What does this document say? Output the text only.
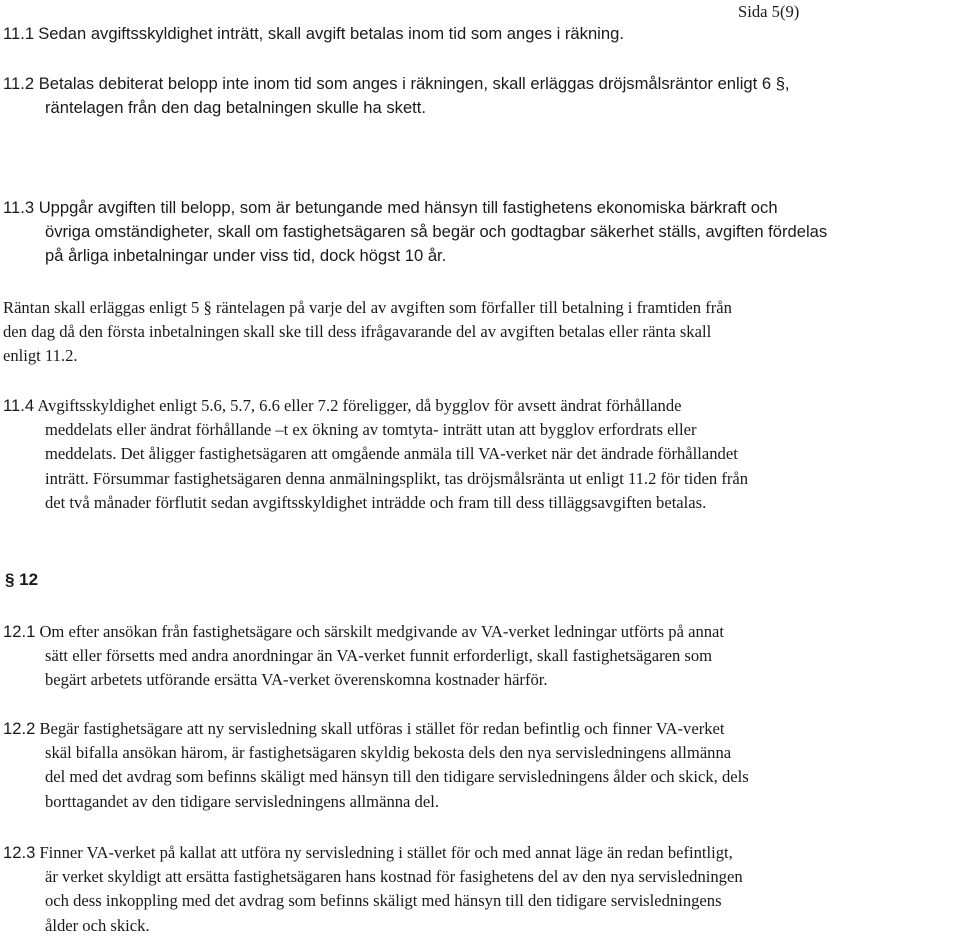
Sida 5(9)
11.1 Sedan avgiftsskyldighet inträtt, skall avgift betalas inom tid som anges i räkning.
11.2 Betalas debiterat belopp inte inom tid som anges i räkningen, skall erläggas dröjsmålsräntor enligt 6 §,
räntelagen från den dag betalningen skulle ha skett.
11.3 Uppgår avgiften till belopp, som är betungande med hänsyn till fastighetens ekonomiska bärkraft och
övriga omständigheter, skall om fastighetsägaren så begär och godtagbar säkerhet ställs, avgiften fördelas
på årliga inbetalningar under viss tid, dock högst 10 år.
Räntan skall erläggas enligt 5 § räntelagen på varje del av avgiften som förfaller till betalning i framtiden från
den dag då den första inbetalningen skall ske till dess ifrågavarande del av avgiften betalas eller ränta skall
enligt 11.2.
11.4 Avgiftsskyldighet enligt 5.6, 5.7, 6.6 eller 7.2 föreligger, då bygglov för avsett ändrat förhållande
meddelats eller ändrat förhållande –t ex ökning av tomtyta- inträtt utan att bygglov erfordrats eller
meddelats. Det åligger fastighetsägaren att omgående anmäla till VA-verket när det ändrade förhållandet
inträtt. Försummar fastighetsägaren denna anmälningsplikt, tas dröjsmålsränta ut enligt 11.2 för tiden från
det två månader förflutit sedan avgiftsskyldighet inträdde och fram till dess tilläggsavgiften betalas.
§ 12
12.1 Om efter ansökan från fastighetsägare och särskilt medgivande av VA-verket ledningar utförts på annat
sätt eller försetts med andra anordningar än VA-verket funnit erforderligt, skall fastighetsägaren som
begärt arbetets utförande ersätta VA-verket överenskomna kostnader härför.
12.2 Begär fastighetsägare att ny servisledning skall utföras i stället för redan befintlig och finner VA-verket
skäl bifalla ansökan härom, är fastighetsägaren skyldig bekosta dels den nya servisledningens allmänna
del med det avdrag som befinns skäligt med hänsyn till den tidigare servisledningens ålder och skick, dels
borttagandet av den tidigare servisledningens allmänna del.
12.3 Finner VA-verket på kallat att utföra ny servisledning i stället för och med annat läge än redan befintligt,
är verket skyldigt att ersätta fastighetsägaren hans kostnad för fasighetens del av den nya servisledningen
och dess inkoppling med det avdrag som befinns skäligt med hänsyn till den tidigare servisledningens
ålder och skick.
